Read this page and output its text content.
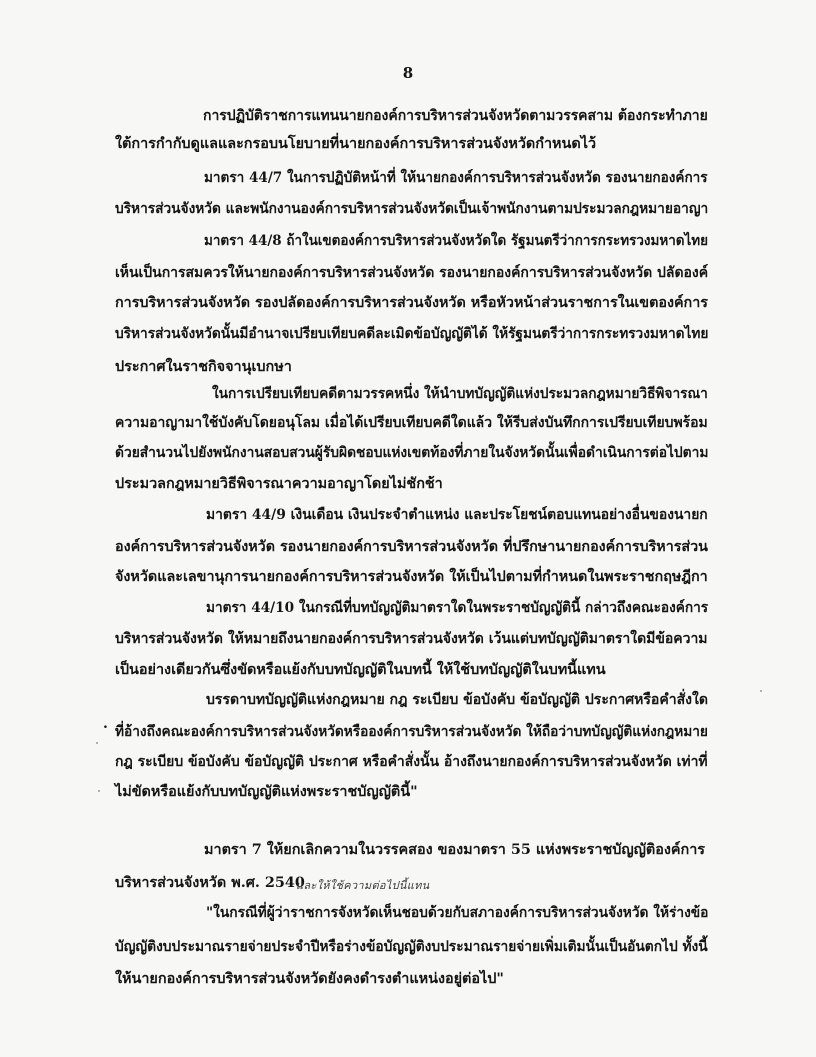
8
การปฏิบัติราชการแทนนายกองค์การบริหารส่วนจังหวัดตามวรรคสาม ต้องกระทำภาย
ใต้การกำกับดูแลและกรอบนโยบายที่นายกองค์การบริหารส่วนจังหวัดกำหนดไว้
มาตรา 44/7 ในการปฏิบัติหน้าที่ ให้นายกองค์การบริหารส่วนจังหวัด รองนายกองค์การ
บริหารส่วนจังหวัด และพนักงานองค์การบริหารส่วนจังหวัดเป็นเจ้าพนักงานตามประมวลกฎหมายอาญา
มาตรา 44/8 ถ้าในเขตองค์การบริหารส่วนจังหวัดใด รัฐมนตรีว่าการกระทรวงมหาดไทย
เห็นเป็นการสมควรให้นายกองค์การบริหารส่วนจังหวัด รองนายกองค์การบริหารส่วนจังหวัด ปลัดองค์
การบริหารส่วนจังหวัด รองปลัดองค์การบริหารส่วนจังหวัด หรือหัวหน้าส่วนราชการในเขตองค์การ
บริหารส่วนจังหวัดนั้นมีอำนาจเปรียบเทียบคดีละเมิดข้อบัญญัติได้ ให้รัฐมนตรีว่าการกระทรวงมหาดไทย
ประกาศในราชกิจจานุเบกษา
ในการเปรียบเทียบคดีตามวรรคหนึ่ง ให้นำบทบัญญัติแห่งประมวลกฎหมายวิธีพิจารณา
ความอาญามาใช้บังคับโดยอนุโลม เมื่อได้เปรียบเทียบคดีใดแล้ว ให้รีบส่งบันทึกการเปรียบเทียบพร้อม
ด้วยสำนวนไปยังพนักงานสอบสวนผู้รับผิดชอบแห่งเขตท้องที่ภายในจังหวัดนั้นเพื่อดำเนินการต่อไปตาม
ประมวลกฎหมายวิธีพิจารณาความอาญาโดยไม่ชักช้า
มาตรา 44/9 เงินเดือน เงินประจำตำแหน่ง และประโยชน์ตอบแทนอย่างอื่นของนายก
องค์การบริหารส่วนจังหวัด รองนายกองค์การบริหารส่วนจังหวัด ที่ปรึกษานายกองค์การบริหารส่วน
จังหวัดและเลขานุการนายกองค์การบริหารส่วนจังหวัด ให้เป็นไปตามที่กำหนดในพระราชกฤษฎีกา
มาตรา 44/10 ในกรณีที่บทบัญญัติมาตราใดในพระราชบัญญัตินี้ กล่าวถึงคณะองค์การ
บริหารส่วนจังหวัด ให้หมายถึงนายกองค์การบริหารส่วนจังหวัด เว้นแต่บทบัญญัติมาตราใดมีข้อความ
เป็นอย่างเดียวกันซึ่งขัดหรือแย้งกับบทบัญญัติในบทนี้ ให้ใช้บทบัญญัติในบทนี้แทน
บรรดาบทบัญญัติแห่งกฎหมาย กฎ ระเบียบ ข้อบังคับ ข้อบัญญัติ ประกาศหรือคำสั่งใด
. ที่อ้างถึงคณะองค์การบริหารส่วนจังหวัดหรือองค์การบริหารส่วนจังหวัด ให้ถือว่าบทบัญญัติแห่งกฎหมาย
กฎ ระเบียบ ข้อบังคับ ข้อบัญญัติ ประกาศ หรือคำสั่งนั้น อ้างถึงนายกองค์การบริหารส่วนจังหวัด เท่าที่
ไม่ขัดหรือแย้งกับบทบัญญัติแห่งพระราชบัญญัตินี้"
มาตรา 7 ให้ยกเลิกความในวรรคสอง ของมาตรา 55 แห่งพระราชบัญญัติองค์การ
บริหารส่วนจังหวัด พ.ศ. 2540
และให้ใช้ความต่อไปนี้แทน
"ในกรณีที่ผู้ว่าราชการจังหวัดเห็นชอบด้วยกับสภาองค์การบริหารส่วนจังหวัด ให้ร่างข้อ
บัญญัติงบประมาณรายจ่ายประจำปีหรือร่างข้อบัญญัติงบประมาณรายจ่ายเพิ่มเติมนั้นเป็นอันตกไป ทั้งนี้
ให้นายกองค์การบริหารส่วนจังหวัดยังคงดำรงตำแหน่งอยู่ต่อไป"
